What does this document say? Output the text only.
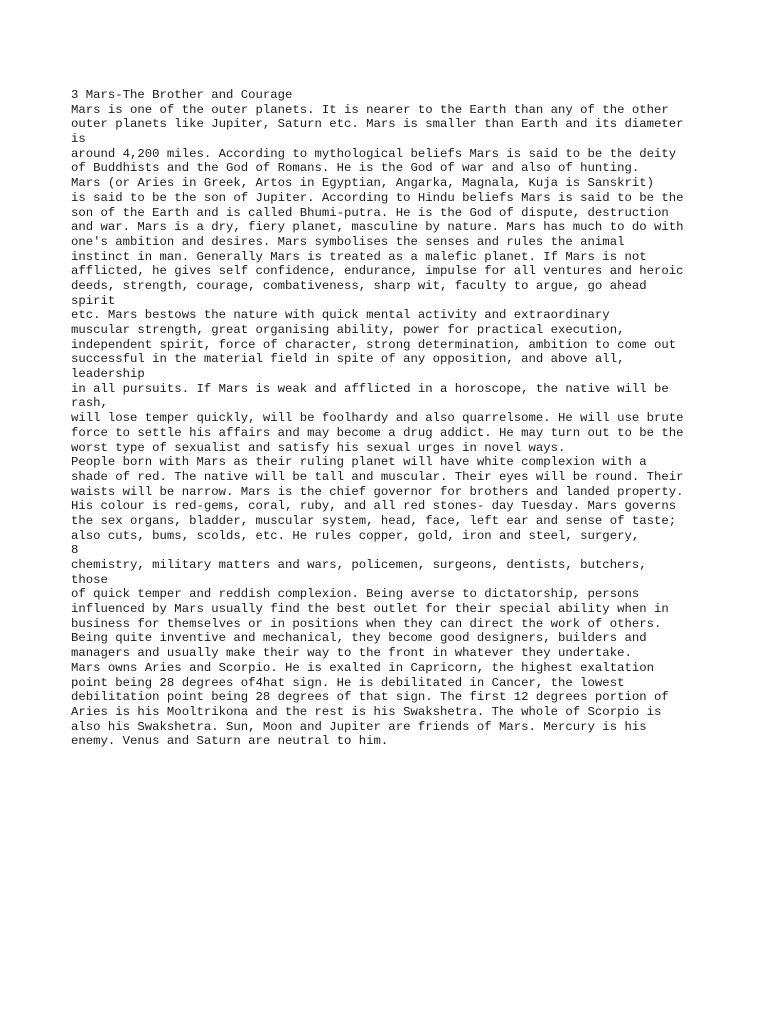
3 Mars-The Brother and Courage
Mars is one of the outer planets. It is nearer to the Earth than any of the other
outer planets like Jupiter, Saturn etc. Mars is smaller than Earth and its diameter
is
around 4,200 miles. According to mythological beliefs Mars is said to be the deity
of Buddhists and the God of Romans. He is the God of war and also of hunting.
Mars (or Aries in Greek, Artos in Egyptian, Angarka, Magnala, Kuja is Sanskrit)
is said to be the son of Jupiter. According to Hindu beliefs Mars is said to be the
son of the Earth and is called Bhumi-putra. He is the God of dispute, destruction
and war. Mars is a dry, fiery planet, masculine by nature. Mars has much to do with
one's ambition and desires. Mars symbolises the senses and rules the animal
instinct in man. Generally Mars is treated as a malefic planet. If Mars is not
afflicted, he gives self confidence, endurance, impulse for all ventures and heroic
deeds, strength, courage, combativeness, sharp wit, faculty to argue, go ahead
spirit
etc. Mars bestows the nature with quick mental activity and extraordinary
muscular strength, great organising ability, power for practical execution,
independent spirit, force of character, strong determination, ambition to come out
successful in the material field in spite of any opposition, and above all,
leadership
in all pursuits. If Mars is weak and afflicted in a horoscope, the native will be
rash,
will lose temper quickly, will be foolhardy and also quarrelsome. He will use brute
force to settle his affairs and may become a drug addict. He may turn out to be the
worst type of sexualist and satisfy his sexual urges in novel ways.
People born with Mars as their ruling planet will have white complexion with a
shade of red. The native will be tall and muscular. Their eyes will be round. Their
waists will be narrow. Mars is the chief governor for brothers and landed property.
His colour is red-gems, coral, ruby, and all red stones- day Tuesday. Mars governs
the sex organs, bladder, muscular system, head, face, left ear and sense of taste;
also cuts, bums, scolds, etc. He rules copper, gold, iron and steel, surgery,
8
chemistry, military matters and wars, policemen, surgeons, dentists, butchers,
those
of quick temper and reddish complexion. Being averse to dictatorship, persons
influenced by Mars usually find the best outlet for their special ability when in
business for themselves or in positions when they can direct the work of others.
Being quite inventive and mechanical, they become good designers, builders and
managers and usually make their way to the front in whatever they undertake.
Mars owns Aries and Scorpio. He is exalted in Capricorn, the highest exaltation
point being 28 degrees of4hat sign. He is debilitated in Cancer, the lowest
debilitation point being 28 degrees of that sign. The first 12 degrees portion of
Aries is his Mooltrikona and the rest is his Swakshetra. The whole of Scorpio is
also his Swakshetra. Sun, Moon and Jupiter are friends of Mars. Mercury is his
enemy. Venus and Saturn are neutral to him.
